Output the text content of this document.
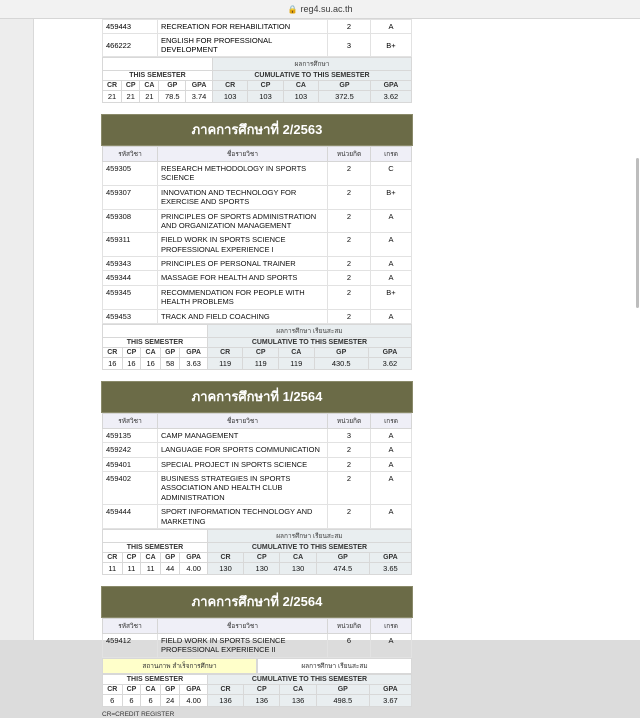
🔒 reg4.su.ac.th
459443	RECREATION FOR REHABILITATION	2	A
466222	ENGLISH FOR PROFESSIONAL DEVELOPMENT	3	B+
					ผลการศึกษา				
THIS SEMESTER					CUMULATIVE TO THIS SEMESTER				
CR	CP	CA	GP	GPA	CR	CP	CA	GP	GPA
21	21	21	78.5	3.74	103	103	103	372.5	3.62
ภาคการศึกษาที่ 2/2563
รหัสวิชา	ชื่อรายวิชา	หน่วยกิต	เกรด
459305	RESEARCH METHODOLOGY IN SPORTS SCIENCE	2	C
459307	INNOVATION AND TECHNOLOGY FOR EXERCISE AND SPORTS	2	B+
459308	PRINCIPLES OF SPORTS ADMINISTRATION AND ORGANIZATION MANAGEMENT	2	A
459311	FIELD WORK IN SPORTS SCIENCE PROFESSIONAL EXPERIENCE I	2	A
459343	PRINCIPLES OF PERSONAL TRAINER	2	A
459344	MASSAGE FOR HEALTH AND SPORTS	2	A
459345	RECOMMENDATION FOR PEOPLE WITH HEALTH PROBLEMS	2	B+
459453	TRACK AND FIELD COACHING	2	A
					ผลการศึกษา เรียนสะสม				
THIS SEMESTER					CUMULATIVE TO THIS SEMESTER				
CR	CP	CA	GP	GPA	CR	CP	CA	GP	GPA
16	16	16	58	3.63	119	119	119	430.5	3.62
ภาคการศึกษาที่ 1/2564
รหัสวิชา	ชื่อรายวิชา	หน่วยกิต	เกรด
459135	CAMP MANAGEMENT	3	A
459242	LANGUAGE FOR SPORTS COMMUNICATION	2	A
459401	SPECIAL PROJECT IN SPORTS SCIENCE	2	A
459402	BUSINESS STRATEGIES IN SPORTS ASSOCIATION AND HEALTH CLUB ADMINISTRATION	2	A
459444	SPORT INFORMATION TECHNOLOGY AND MARKETING	2	A
					ผลการศึกษา เรียนสะสม				
THIS SEMESTER					CUMULATIVE TO THIS SEMESTER				
CR	CP	CA	GP	GPA	CR	CP	CA	GP	GPA
11	11	11	44	4.00	130	130	130	474.5	3.65
ภาคการศึกษาที่ 2/2564
รหัสวิชา	ชื่อรายวิชา	หน่วยกิต	เกรด
459412	FIELD WORK IN SPORTS SCIENCE PROFESSIONAL EXPERIENCE II	6	A
สถานภาพ สำเร็จการศึกษา	ผลการศึกษา เรียนสะสม
THIS SEMESTER					CUMULATIVE TO THIS SEMESTER				
CR	CP	CA	GP	GPA	CR	CP	CA	GP	GPA
6	6	6	24	4.00	136	136	136	498.5	3.67
CR=CREDIT REGISTER
